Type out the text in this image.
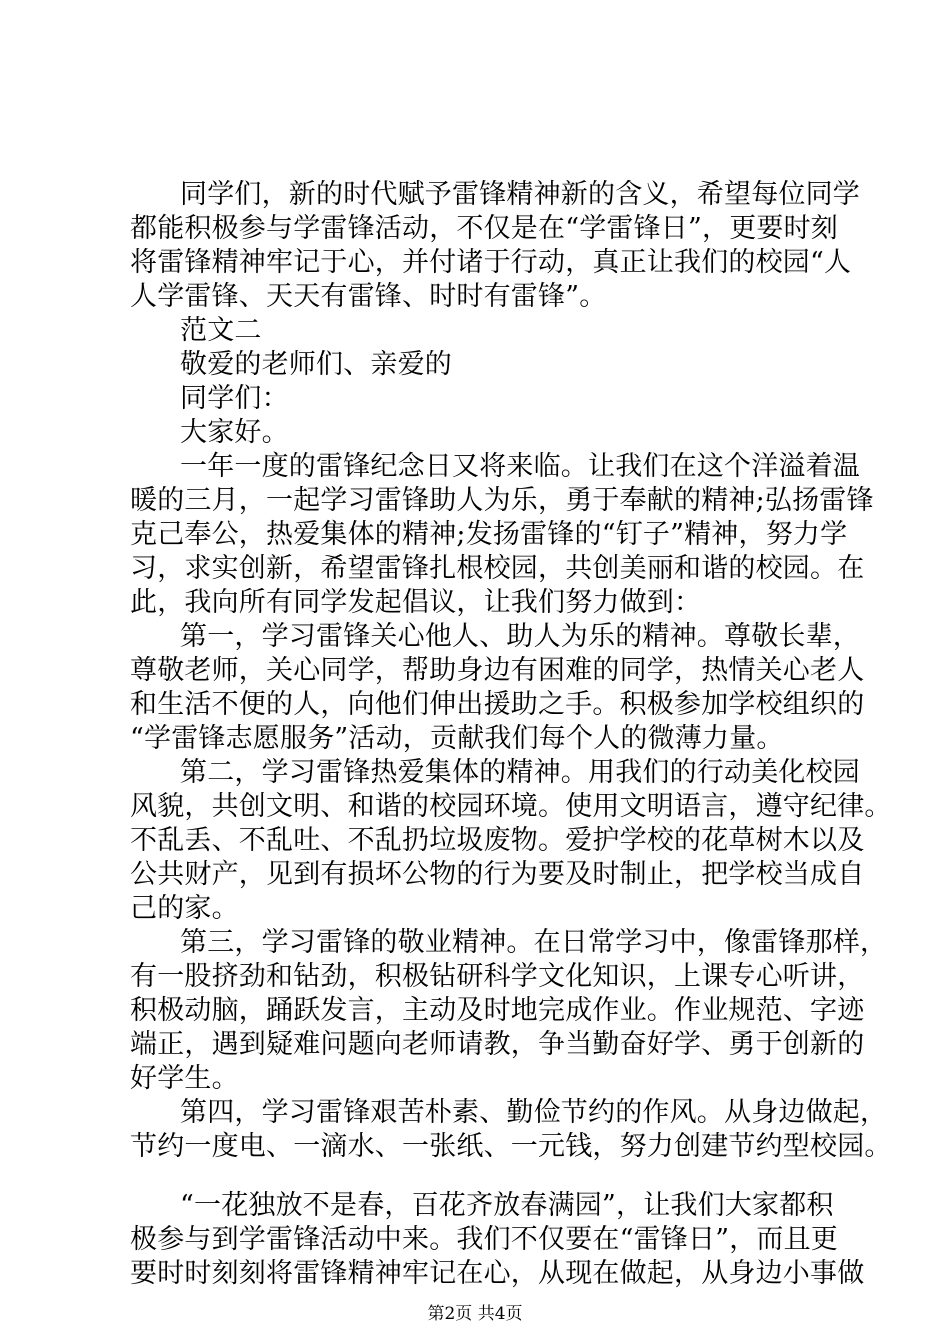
同学们，新的时代赋予雷锋精神新的含义，希望每位同学
都能积极参与学雷锋活动，不仅是在“学雷锋日”，更要时刻
将雷锋精神牢记于心，并付诸于行动，真正让我们的校园“人
人学雷锋、天天有雷锋、时时有雷锋”。
范文二
敬爱的老师们、亲爱的
同学们：
大家好。
一年一度的雷锋纪念日又将来临。让我们在这个洋溢着温
暖的三月，一起学习雷锋助人为乐，勇于奉献的精神;弘扬雷锋
克己奉公，热爱集体的精神;发扬雷锋的“钉子”精神，努力学
习，求实创新，希望雷锋扎根校园，共创美丽和谐的校园。在
此，我向所有同学发起倡议，让我们努力做到：
第一，学习雷锋关心他人、助人为乐的精神。尊敬长辈，
尊敬老师，关心同学，帮助身边有困难的同学，热情关心老人
和生活不便的人，向他们伸出援助之手。积极参加学校组织的
“学雷锋志愿服务”活动，贡献我们每个人的微薄力量。
第二，学习雷锋热爱集体的精神。用我们的行动美化校园
风貌，共创文明、和谐的校园环境。使用文明语言，遵守纪律。
不乱丢、不乱吐、不乱扔垃圾废物。爱护学校的花草树木以及
公共财产，见到有损坏公物的行为要及时制止，把学校当成自
己的家。
第三，学习雷锋的敬业精神。在日常学习中，像雷锋那样，
有一股挤劲和钻劲，积极钻研科学文化知识，上课专心听讲，
积极动脑，踊跃发言，主动及时地完成作业。作业规范、字迹
端正，遇到疑难问题向老师请教，争当勤奋好学、勇于创新的
好学生。
第四，学习雷锋艰苦朴素、勤俭节约的作风。从身边做起，
节约一度电、一滴水、一张纸、一元钱，努力创建节约型校园。
“一花独放不是春，百花齐放春满园”，让我们大家都积
极参与到学雷锋活动中来。我们不仅要在“雷锋日”，而且更
要时时刻刻将雷锋精神牢记在心，从现在做起，从身边小事做
第2页 共4页
